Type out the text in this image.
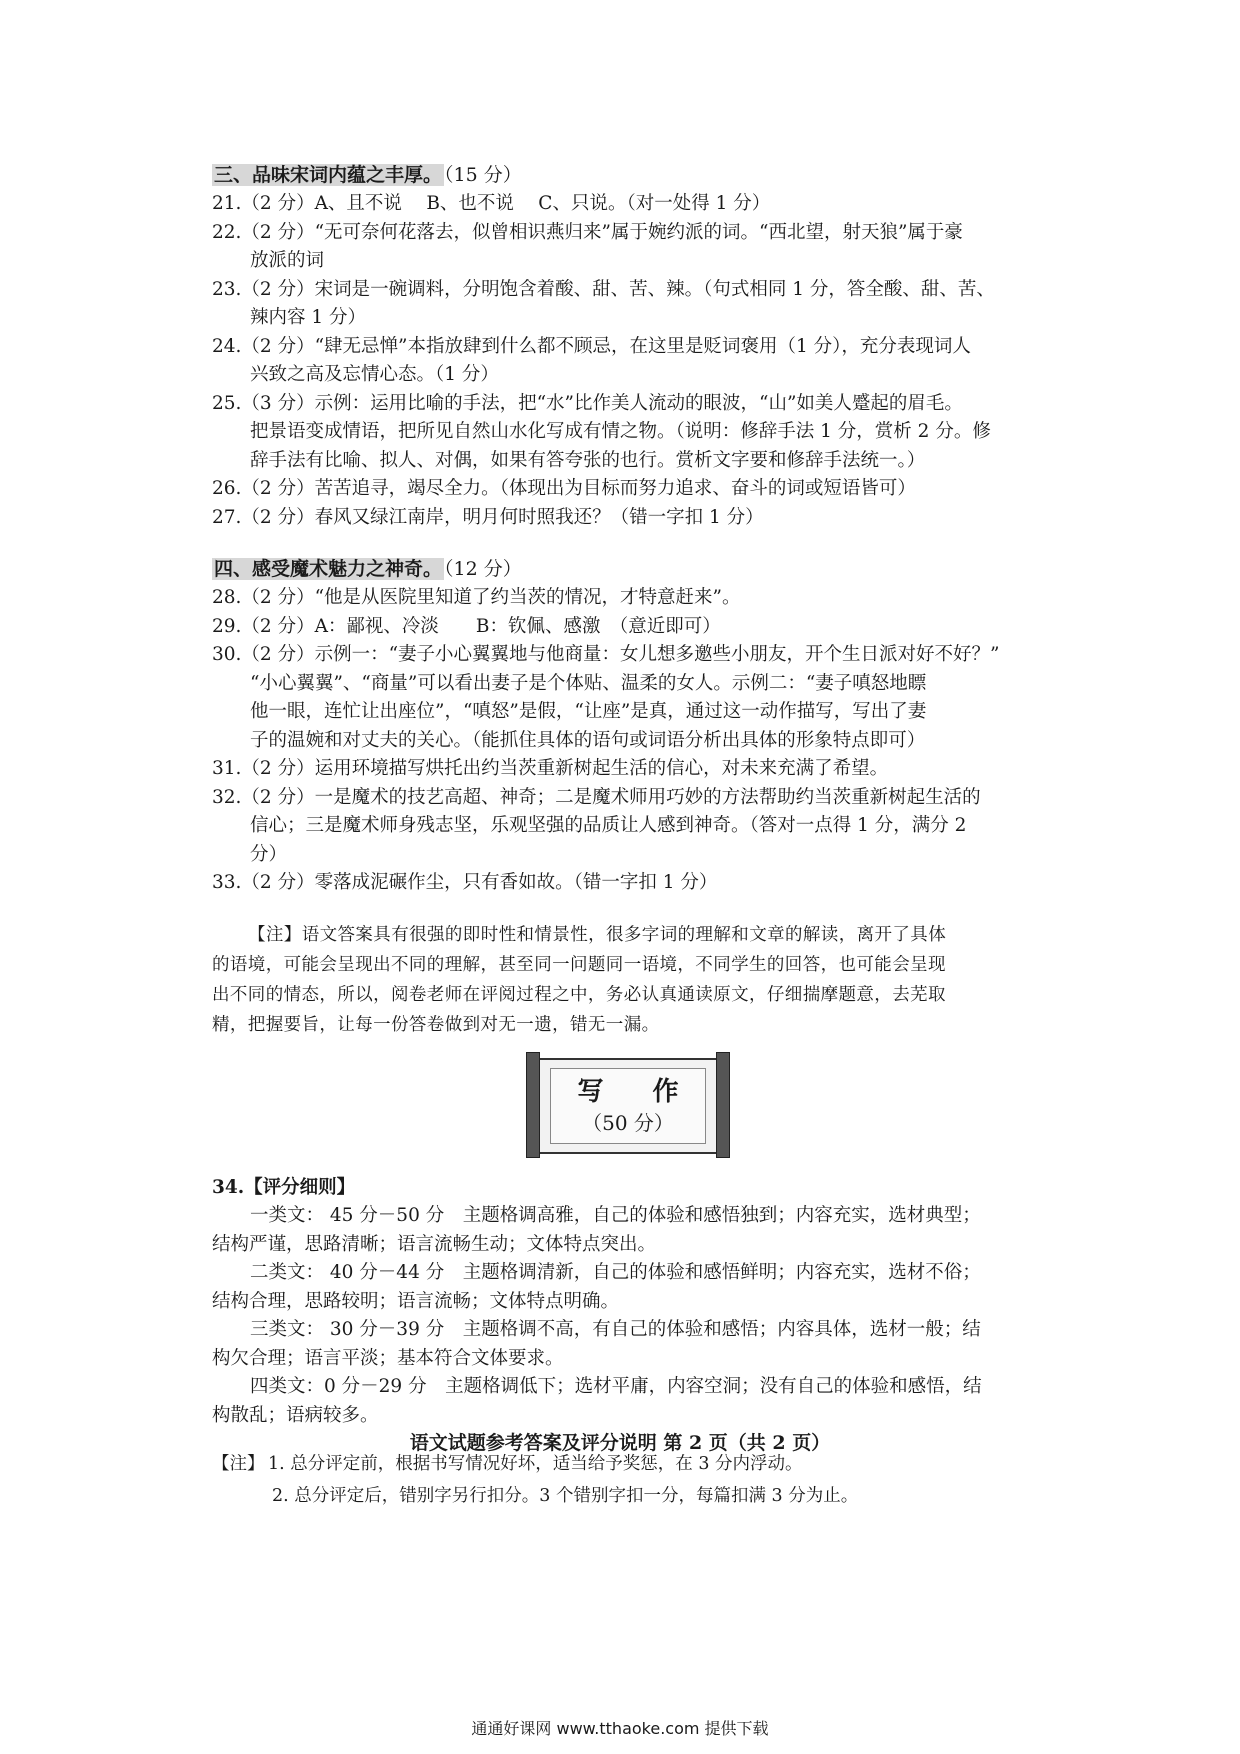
三、品味宋词内蕴之丰厚。 （15 分）
21.（2 分）A、且不说　 B、也不说　 C、只说。（对一处得 1 分）
22.（2 分）“无可奈何花落去，似曾相识燕归来”属于婉约派的词。“西北望，射天狼”属于豪
放派的词
23.（2 分）宋词是一碗调料，分明饱含着酸、甜、苦、辣。（句式相同 1 分，答全酸、甜、苦、
辣内容 1 分）
24.（2 分）“肆无忌惮”本指放肆到什么都不顾忌，在这里是贬词褒用（1 分），充分表现词人
兴致之高及忘情心态。（1 分）
25.（3 分）示例：运用比喻的手法，把“水”比作美人流动的眼波，“山”如美人蹙起的眉毛。
把景语变成情语，把所见自然山水化写成有情之物。（说明：修辞手法 1 分，赏析 2 分。修
辞手法有比喻、拟人、对偶，如果有答夸张的也行。赏析文字要和修辞手法统一。）
26.（2 分）苦苦追寻，竭尽全力。（体现出为目标而努力追求、奋斗的词或短语皆可）
27.（2 分）春风又绿江南岸，明月何时照我还？（错一字扣 1 分）
四、感受魔术魅力之神奇。 （12 分）
28.（2 分）“他是从医院里知道了约当茨的情况，才特意赶来”。
29.（2 分）A：鄙视、冷淡　　B：钦佩、感激　（意近即可）
30.（2 分）示例一：“妻子小心翼翼地与他商量：女儿想多邀些小朋友，开个生日派对好不好？”
“小心翼翼”、“商量”可以看出妻子是个体贴、温柔的女人。示例二：“妻子嗔怒地瞟
他一眼，连忙让出座位”，“嗔怒”是假，“让座”是真，通过这一动作描写，写出了妻
子的温婉和对丈夫的关心。（能抓住具体的语句或词语分析出具体的形象特点即可）
31.（2 分）运用环境描写烘托出约当茨重新树起生活的信心，对未来充满了希望。
32.（2 分）一是魔术的技艺高超、神奇；二是魔术师用巧妙的方法帮助约当茨重新树起生活的
信心；三是魔术师身残志坚，乐观坚强的品质让人感到神奇。（答对一点得 1 分，满分 2
分）
33.（2 分）零落成泥碾作尘，只有香如故。（错一字扣 1 分）
【注】语文答案具有很强的即时性和情景性，很多字词的理解和文章的解读，离开了具体
的语境，可能会呈现出不同的理解，甚至同一问题同一语境，不同学生的回答，也可能会呈现
出不同的情态，所以，阅卷老师在评阅过程之中，务必认真通读原文，仔细揣摩题意，去芜取
精，把握要旨，让每一份答卷做到对无一遗，错无一漏。
写 作
（50 分）
34.【评分细则】
一类文： 45 分－50 分　主题格调高雅，自己的体验和感悟独到；内容充实，选材典型；
结构严谨，思路清晰；语言流畅生动；文体特点突出。
二类文： 40 分－44 分　主题格调清新，自己的体验和感悟鲜明；内容充实，选材不俗；
结构合理，思路较明；语言流畅；文体特点明确。
三类文： 30 分－39 分　主题格调不高，有自己的体验和感悟；内容具体，选材一般；结
构欠合理；语言平淡；基本符合文体要求。
四类文：0 分－29 分　主题格调低下；选材平庸，内容空洞；没有自己的体验和感悟，结
构散乱；语病较多。
【注】 1. 总分评定前，根据书写情况好坏，适当给予奖惩，在 3 分内浮动。
2. 总分评定后，错别字另行扣分。3 个错别字扣一分，每篇扣满 3 分为止。
语文试题参考答案及评分说明 第 2 页（共 2 页）
通通好课网 www.tthaoke.com 提供下载
